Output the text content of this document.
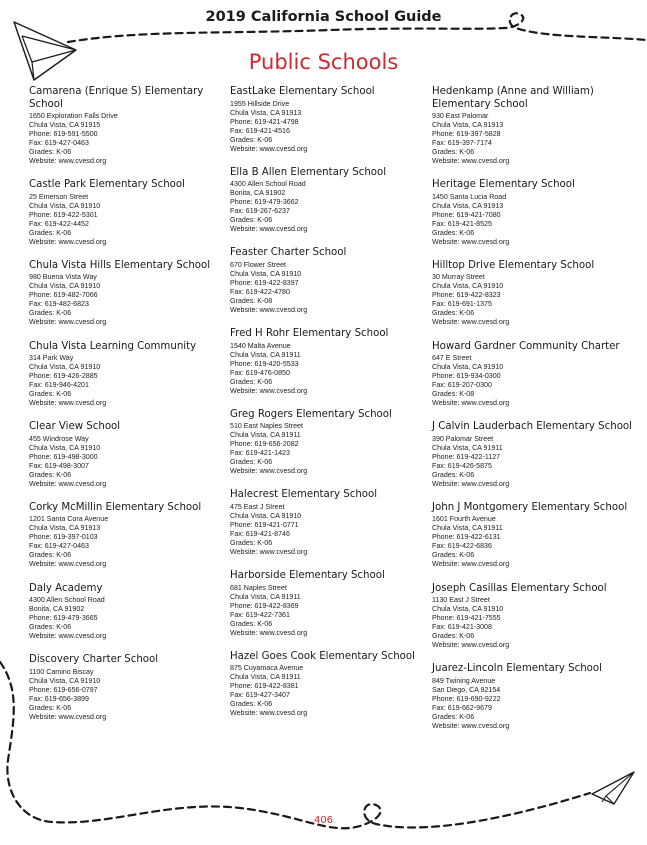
2019 California School Guide
Public Schools
Camarena (Enrique S) Elementary School
1650 Exploration Falls Drive
Chula Vista, CA 91915
Phone: 619-591-5500
Fax: 619-427-0463
Grades: K-06
Website: www.cvesd.org
Castle Park Elementary School
25 Emerson Street
Chula Vista, CA 91910
Phone: 619-422-5301
Fax: 619-422-4452
Grades: K-06
Website: www.cvesd.org
Chula Vista Hills Elementary School
980 Buena Vista Way
Chula Vista, CA 91910
Phone: 619-482-7066
Fax: 619-482-6823
Grades: K-06
Website: www.cvesd.org
Chula Vista Learning Community
314 Park Way
Chula Vista, CA 91910
Phone: 619-426-2885
Fax: 619-946-4201
Grades: K-06
Website: www.cvesd.org
Clear View School
455 Windrose Way
Chula Vista, CA 91910
Phone: 619-498-3000
Fax: 619-498-3007
Grades: K-06
Website: www.cvesd.org
Corky McMillin Elementary School
1201 Santa Cora Avenue
Chula Vista, CA 91913
Phone: 619-397-0103
Fax: 619-427-0463
Grades: K-06
Website: www.cvesd.org
Daly Academy
4300 Allen School Road
Bonita, CA 91902
Phone: 619-479-3665
Grades: K-06
Website: www.cvesd.org
Discovery Charter School
1100 Camino Biscay
Chula Vista, CA 91910
Phone: 619-656-0797
Fax: 619-656-3899
Grades: K-06
Website: www.cvesd.org
EastLake Elementary School
1955 Hillside Drive
Chula Vista, CA 91913
Phone: 619-421-4798
Fax: 619-421-4516
Grades: K-06
Website: www.cvesd.org
Ella B Allen Elementary School
4300 Allen School Road
Bonita, CA 91902
Phone: 619-479-3662
Fax: 619-267-6237
Grades: K-06
Website: www.cvesd.org
Feaster Charter School
670 Flower Street
Chula Vista, CA 91910
Phone: 619-422-8397
Fax: 619-422-4780
Grades: K-08
Website: www.cvesd.org
Fred H Rohr Elementary School
1540 Malta Avenue
Chula Vista, CA 91911
Phone: 619-420-5533
Fax: 619-476-0850
Grades: K-06
Website: www.cvesd.org
Greg Rogers Elementary School
510 East Naples Street
Chula Vista, CA 91911
Phone: 619-656-2082
Fax: 619-421-1423
Grades: K-06
Website: www.cvesd.org
Halecrest Elementary School
475 East J Street
Chula Vista, CA 91910
Phone: 619-421-0771
Fax: 619-421-8746
Grades: K-06
Website: www.cvesd.org
Harborside Elementary School
681 Naples Street
Chula Vista, CA 91911
Phone: 619-422-8369
Fax: 619-422-7361
Grades: K-06
Website: www.cvesd.org
Hazel Goes Cook Elementary School
875 Cuyamaca Avenue
Chula Vista, CA 91911
Phone: 619-422-8381
Fax: 619-427-3407
Grades: K-06
Website: www.cvesd.org
Hedenkamp (Anne and William) Elementary School
930 East Palomar
Chula Vista, CA 91913
Phone: 619-397-5828
Fax: 619-397-7174
Grades: K-06
Website: www.cvesd.org
Heritage Elementary School
1450 Santa Lucia Road
Chula Vista, CA 91913
Phone: 619-421-7080
Fax: 619-421-8525
Grades: K-06
Website: www.cvesd.org
Hilltop Drive Elementary School
30 Murray Street
Chula Vista, CA 91910
Phone: 619-422-8323
Fax: 619-691-1375
Grades: K-06
Website: www.cvesd.org
Howard Gardner Community Charter
647 E Street
Chula Vista, CA 91910
Phone: 619-934-0300
Fax: 619-207-0300
Grades: K-08
Website: www.cvesd.org
J Calvin Lauderbach Elementary School
390 Palomar Street
Chula Vista, CA 91911
Phone: 619-422-1127
Fax: 619-426-5875
Grades: K-06
Website: www.cvesd.org
John J Montgomery Elementary School
1601 Fourth Avenue
Chula Vista, CA 91911
Phone: 619-422-6131
Fax: 619-422-6836
Grades: K-06
Website: www.cvesd.org
Joseph Casillas Elementary School
1130 East J Street
Chula Vista, CA 91910
Phone: 619-421-7555
Fax: 619-421-3008
Grades: K-06
Website: www.cvesd.org
Juarez-Lincoln Elementary School
849 Twining Avenue
San Diego, CA 92154
Phone: 619-690-9222
Fax: 619-662-9679
Grades: K-06
Website: www.cvesd.org
406
